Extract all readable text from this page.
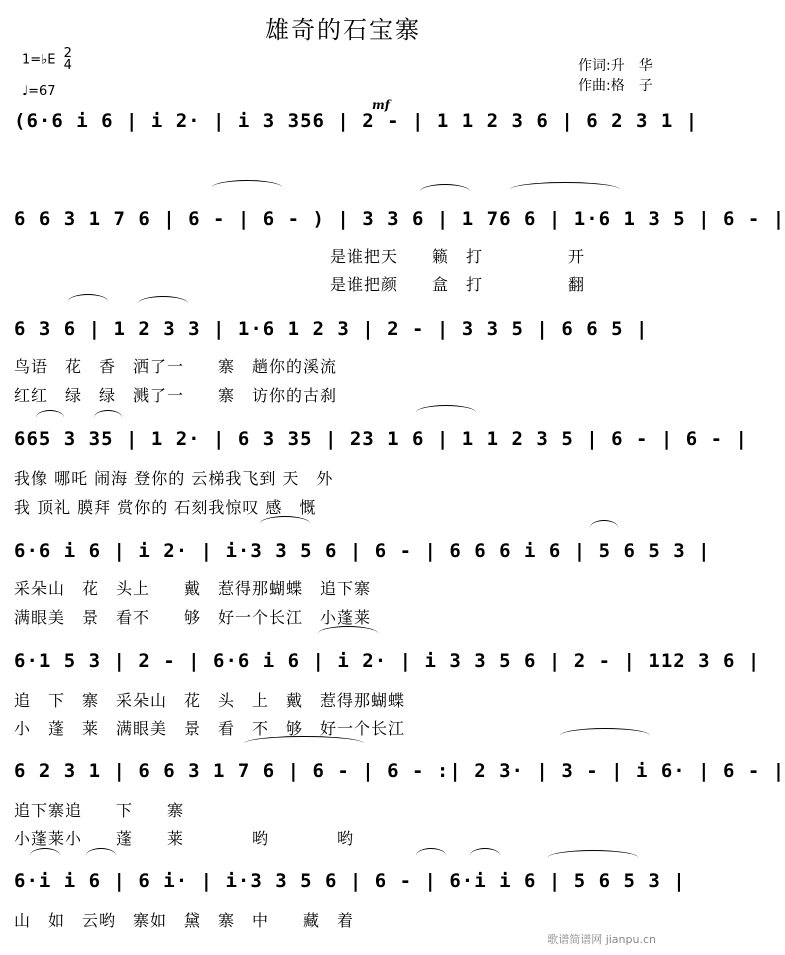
雄奇的石宝寨
1=♭E 2
4
♩=67
作词:升　华
作曲:格　子
mf
(6·6 i 6 | i 2· | i 3 356 | 2 - | 1 1 2 3 6 | 6 2 3 1 |
6 6 3 1 7 6 | 6 - | 6 - ) | 3 3 6 | 1 76 6 | 1·6 1 3 5 | 6 - |
是谁把天　　籁　打　　　　　开
是谁把颜　　盒　打　　　　　翻
6 3 6 | 1 2 3 3 | 1·6 1 2 3 | 2 - | 3 3 5 | 6 6 5 |
鸟语　花　香　洒了一　　寨　趟你的溪流
红红　绿　绿　溅了一　　寨　访你的古刹
665 3 35 | 1 2· | 6 3 35 | 23 1 6 | 1 1 2 3 5 | 6 - | 6 - |
我像 哪吒 闹海 登你的 云梯我飞到 天　外
我 顶礼 膜拜 赏你的 石刻我惊叹 感　慨
6·6 i 6 | i 2· | i·3 3 5 6 | 6 - | 6 6 6 i 6 | 5 6 5 3 |
采朵山　花　头上　　戴　惹得那蝴蝶　追下寨
满眼美　景　看不　　够　好一个长江　小蓬莱
6·1 5 3 | 2 - | 6·6 i 6 | i 2· | i 3 3 5 6 | 2 - | 112 3 6 |
追　下　寨　采朵山　花　头　上　戴　惹得那蝴蝶
小　蓬　莱　满眼美　景　看　不　够　好一个长江
6 2 3 1 | 6 6 3 1 7 6 | 6 - | 6 - :| 2 3· | 3 - | i 6· | 6 - |
追下寨追　　下　　寨
小蓬莱小　　蓬　　莱　　　　哟　　　　哟
6·i i 6 | 6 i· | i·3 3 5 6 | 6 - | 6·i i 6 | 5 6 5 3 |
山　如　云哟　寨如　黛　寨　中　　藏　着
歌谱简谱网 jianpu.cn
